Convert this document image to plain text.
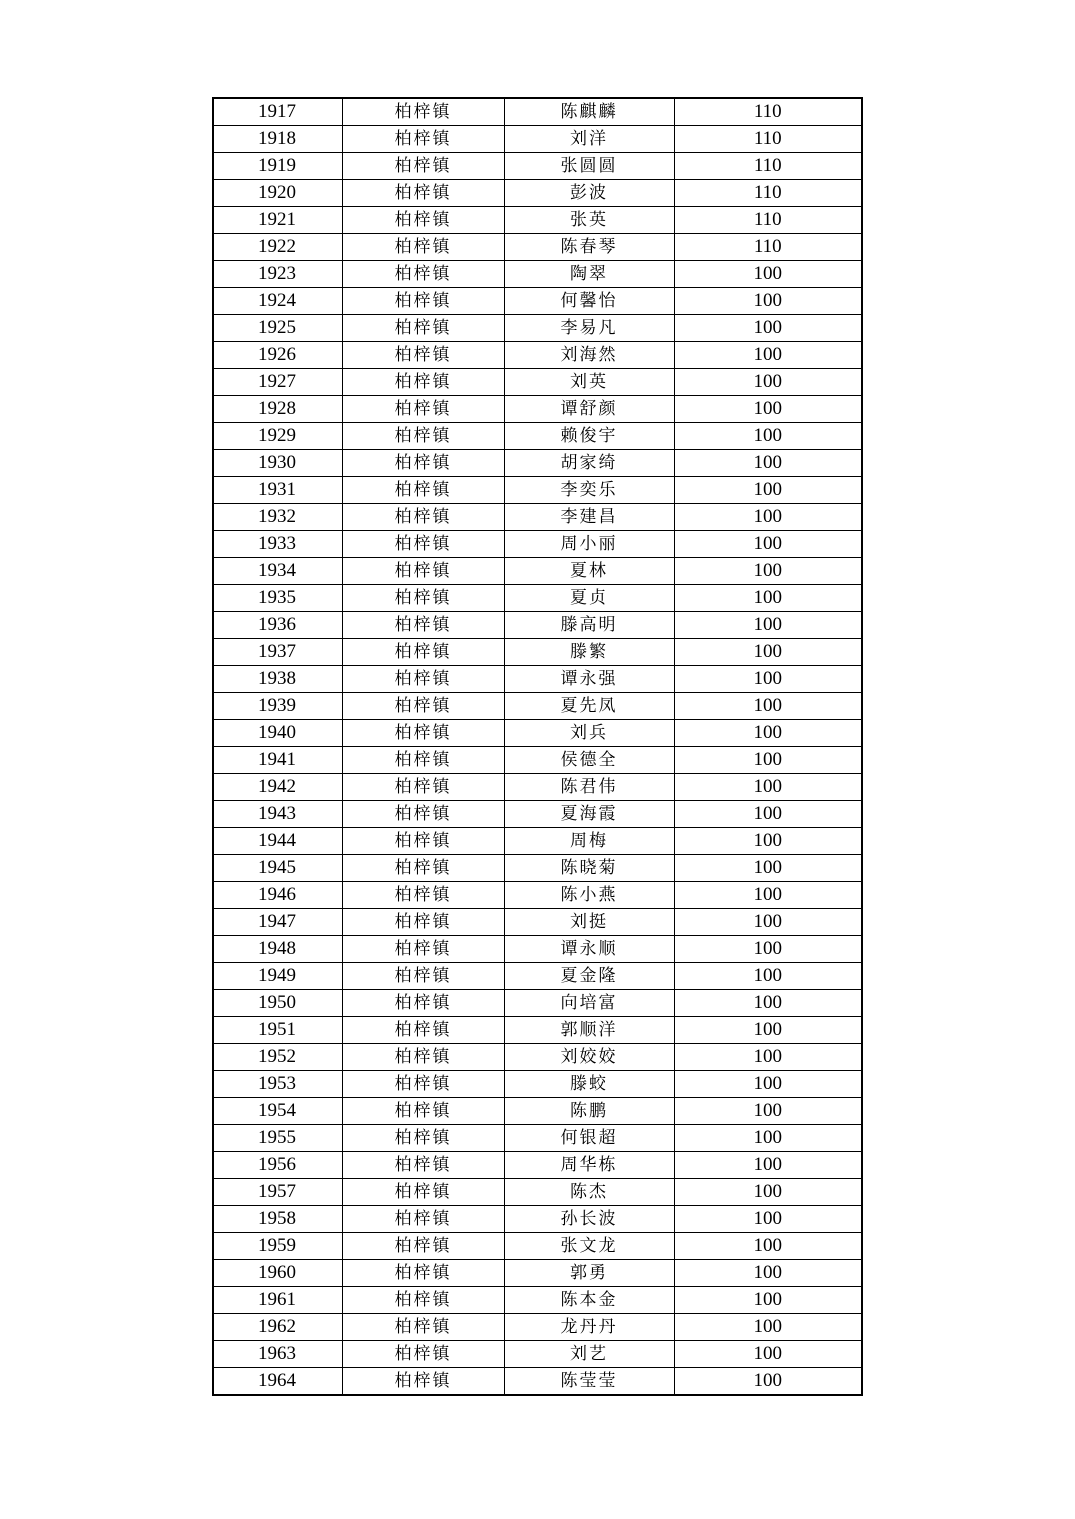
1917	柏梓镇	陈麒麟	110
1918	柏梓镇	刘洋	110
1919	柏梓镇	张圆圆	110
1920	柏梓镇	彭波	110
1921	柏梓镇	张英	110
1922	柏梓镇	陈春琴	110
1923	柏梓镇	陶翠	100
1924	柏梓镇	何馨怡	100
1925	柏梓镇	李易凡	100
1926	柏梓镇	刘海然	100
1927	柏梓镇	刘英	100
1928	柏梓镇	谭舒颜	100
1929	柏梓镇	赖俊宇	100
1930	柏梓镇	胡家绮	100
1931	柏梓镇	李奕乐	100
1932	柏梓镇	李建昌	100
1933	柏梓镇	周小丽	100
1934	柏梓镇	夏林	100
1935	柏梓镇	夏贞	100
1936	柏梓镇	滕高明	100
1937	柏梓镇	滕繁	100
1938	柏梓镇	谭永强	100
1939	柏梓镇	夏先凤	100
1940	柏梓镇	刘兵	100
1941	柏梓镇	侯德全	100
1942	柏梓镇	陈君伟	100
1943	柏梓镇	夏海霞	100
1944	柏梓镇	周梅	100
1945	柏梓镇	陈晓菊	100
1946	柏梓镇	陈小燕	100
1947	柏梓镇	刘挺	100
1948	柏梓镇	谭永顺	100
1949	柏梓镇	夏金隆	100
1950	柏梓镇	向培富	100
1951	柏梓镇	郭顺洋	100
1952	柏梓镇	刘姣姣	100
1953	柏梓镇	滕蛟	100
1954	柏梓镇	陈鹏	100
1955	柏梓镇	何银超	100
1956	柏梓镇	周华栋	100
1957	柏梓镇	陈杰	100
1958	柏梓镇	孙长波	100
1959	柏梓镇	张文龙	100
1960	柏梓镇	郭勇	100
1961	柏梓镇	陈本金	100
1962	柏梓镇	龙丹丹	100
1963	柏梓镇	刘艺	100
1964	柏梓镇	陈莹莹	100
